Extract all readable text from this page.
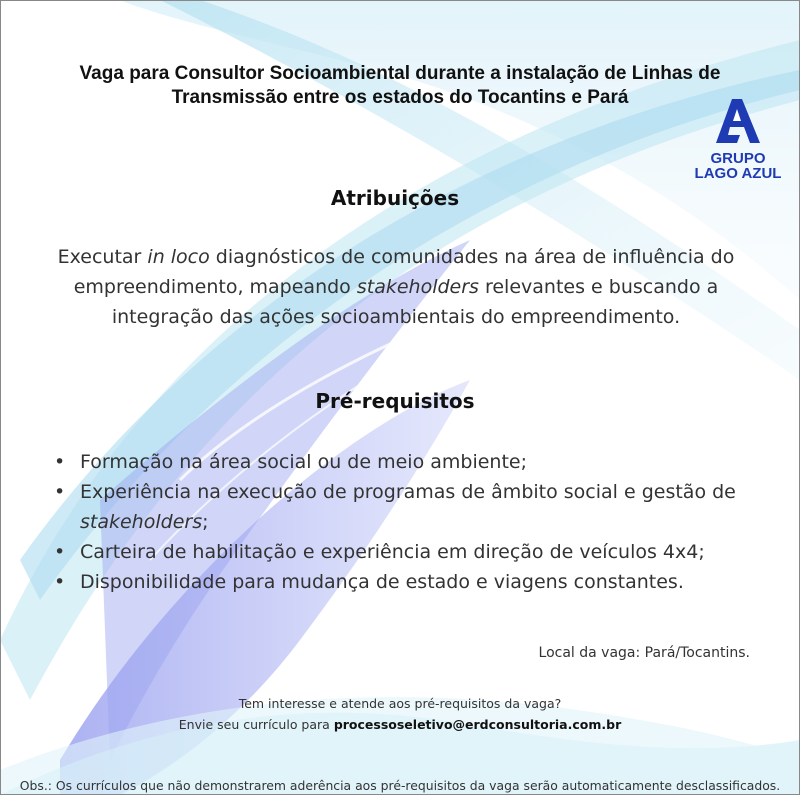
Vaga para Consultor Socioambiental durante a instalação de Linhas de
Transmissão entre os estados do Tocantins e Pará
GRUPO
LAGO AZUL
Atribuições
Executar in loco diagnósticos de comunidades na área de influência do empreendimento, mapeando stakeholders relevantes e buscando a integração das ações socioambientais do empreendimento.
Pré-requisitos
• Formação na área social ou de meio ambiente;
• Experiência na execução de programas de âmbito social e gestão de stakeholders;
• Carteira de habilitação e experiência em direção de veículos 4x4;
• Disponibilidade para mudança de estado e viagens constantes.
Local da vaga: Pará/Tocantins.
Tem interesse e atende aos pré-requisitos da vaga?
Envie seu currículo para processoseletivo@erdconsultoria.com.br
Obs.: Os currículos que não demonstrarem aderência aos pré-requisitos da vaga serão automaticamente desclassificados.
